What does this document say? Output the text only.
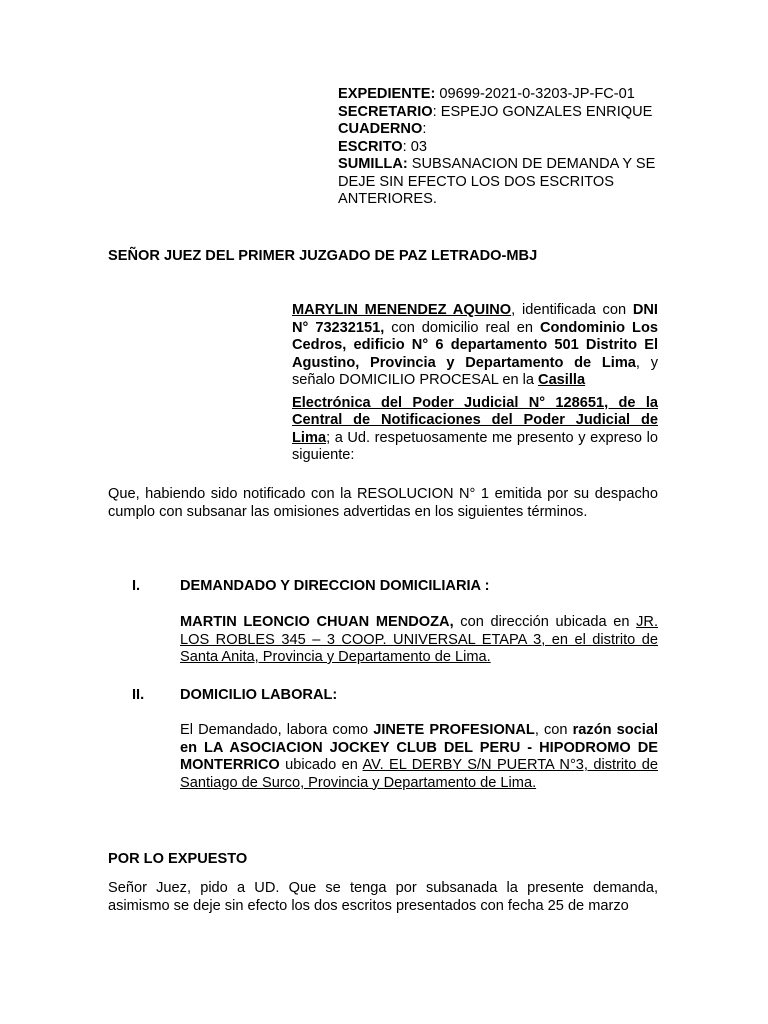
EXPEDIENTE: 09699-2021-0-3203-JP-FC-01
SECRETARIO: ESPEJO GONZALES ENRIQUE
CUADERNO:
ESCRITO: 03
SUMILLA: SUBSANACION DE DEMANDA Y SE DEJE SIN EFECTO LOS DOS ESCRITOS ANTERIORES.
SEÑOR JUEZ DEL PRIMER JUZGADO DE PAZ LETRADO-MBJ
MARYLIN MENENDEZ AQUINO, identificada con DNI N° 73232151, con domicilio real en Condominio Los Cedros, edificio N° 6 departamento 501 Distrito El Agustino, Provincia y Departamento de Lima, y señalo DOMICILIO PROCESAL en la Casilla
Electrónica del Poder Judicial N° 128651, de la Central de Notificaciones del Poder Judicial de Lima; a Ud. respetuosamente me presento y expreso lo siguiente:
Que, habiendo sido notificado con la RESOLUCION N° 1 emitida por su despacho cumplo con subsanar las omisiones advertidas en los siguientes términos.
I.	DEMANDADO Y DIRECCION DOMICILIARIA :
MARTIN LEONCIO CHUAN MENDOZA, con dirección ubicada en JR. LOS ROBLES 345 – 3 COOP. UNIVERSAL ETAPA 3, en el distrito de Santa Anita, Provincia y Departamento de Lima.
II. DOMICILIO LABORAL:
El Demandado, labora como JINETE PROFESIONAL, con razón social en LA ASOCIACION JOCKEY CLUB DEL PERU - HIPODROMO DE MONTERRICO ubicado en AV. EL DERBY S/N PUERTA N°3, distrito de Santiago de Surco, Provincia y Departamento de Lima.
POR LO EXPUESTO
Señor Juez, pido a UD. Que se tenga por subsanada la presente demanda, asimismo se deje sin efecto los dos escritos presentados con fecha 25 de marzo
